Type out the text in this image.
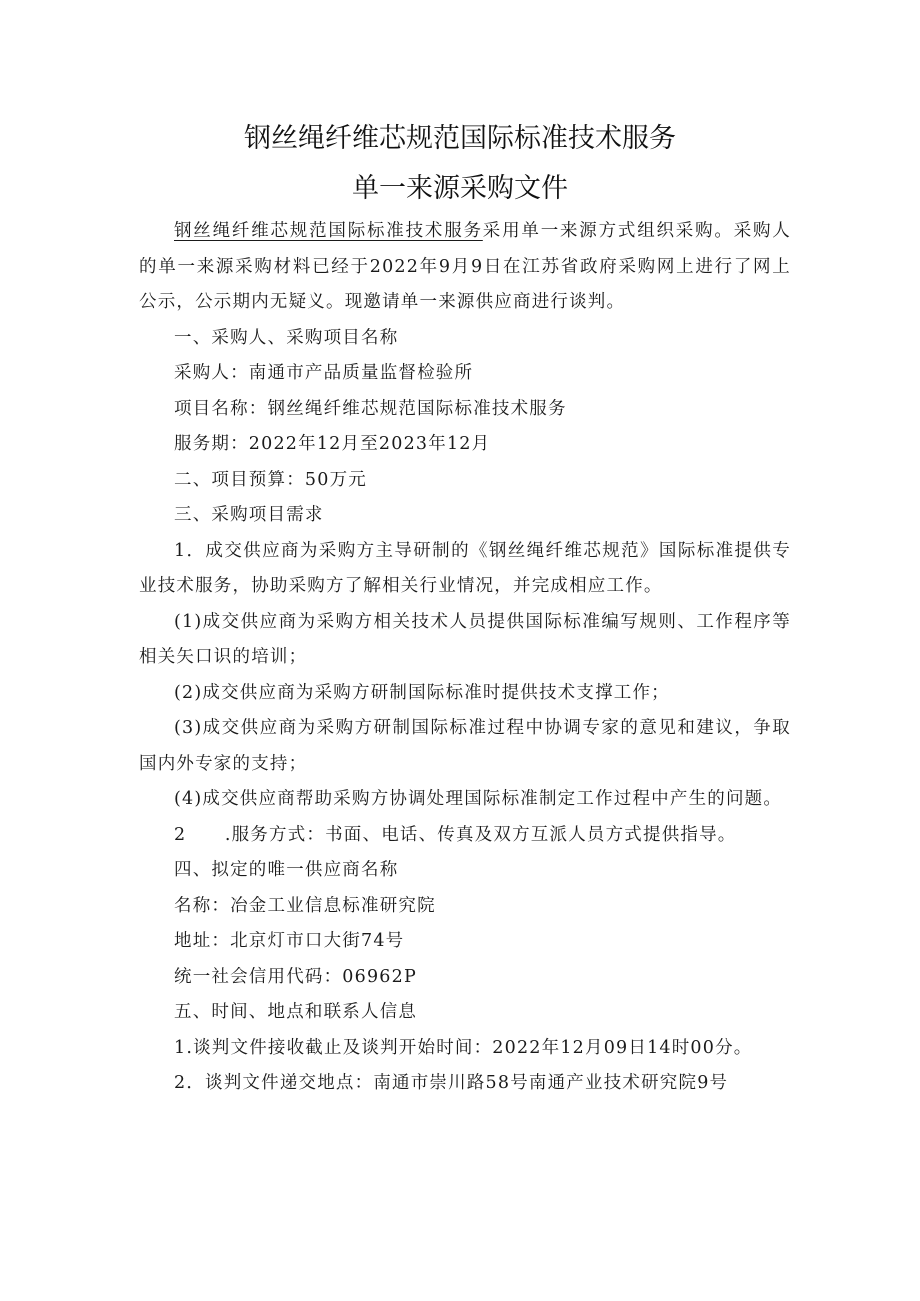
钢丝绳纤维芯规范国际标准技术服务
单一来源采购文件

钢丝绳纤维芯规范国际标准技术服务采用单一来源方式组织采购。采购人的单一来源采购材料已经于2022年9月9日在江苏省政府采购网上进行了网上公示，公示期内无疑义。现邀请单一来源供应商进行谈判。

一、采购人、采购项目名称

采购人：南通市产品质量监督检验所

项目名称：钢丝绳纤维芯规范国际标准技术服务

服务期：2022年12月至2023年12月

二、项目预算：50万元

三、采购项目需求

1．成交供应商为采购方主导研制的《钢丝绳纤维芯规范》国际标准提供专业技术服务，协助采购方了解相关行业情况，并完成相应工作。

(1)成交供应商为采购方相关技术人员提供国际标准编写规则、工作程序等相关矢口识的培训；

(2)成交供应商为采购方研制国际标准时提供技术支撑工作；

(3)成交供应商为采购方研制国际标准过程中协调专家的意见和建议，争取国内外专家的支持；

(4)成交供应商帮助采购方协调处理国际标准制定工作过程中产生的问题。

2 .服务方式：书面、电话、传真及双方互派人员方式提供指导。

四、拟定的唯一供应商名称

名称：冶金工业信息标准研究院

地址：北京灯市口大街74号

统一社会信用代码：06962P

五、时间、地点和联系人信息

1.谈判文件接收截止及谈判开始时间：2022年12月09日14时00分。

2．谈判文件递交地点：南通市崇川路58号南通产业技术研究院9号
